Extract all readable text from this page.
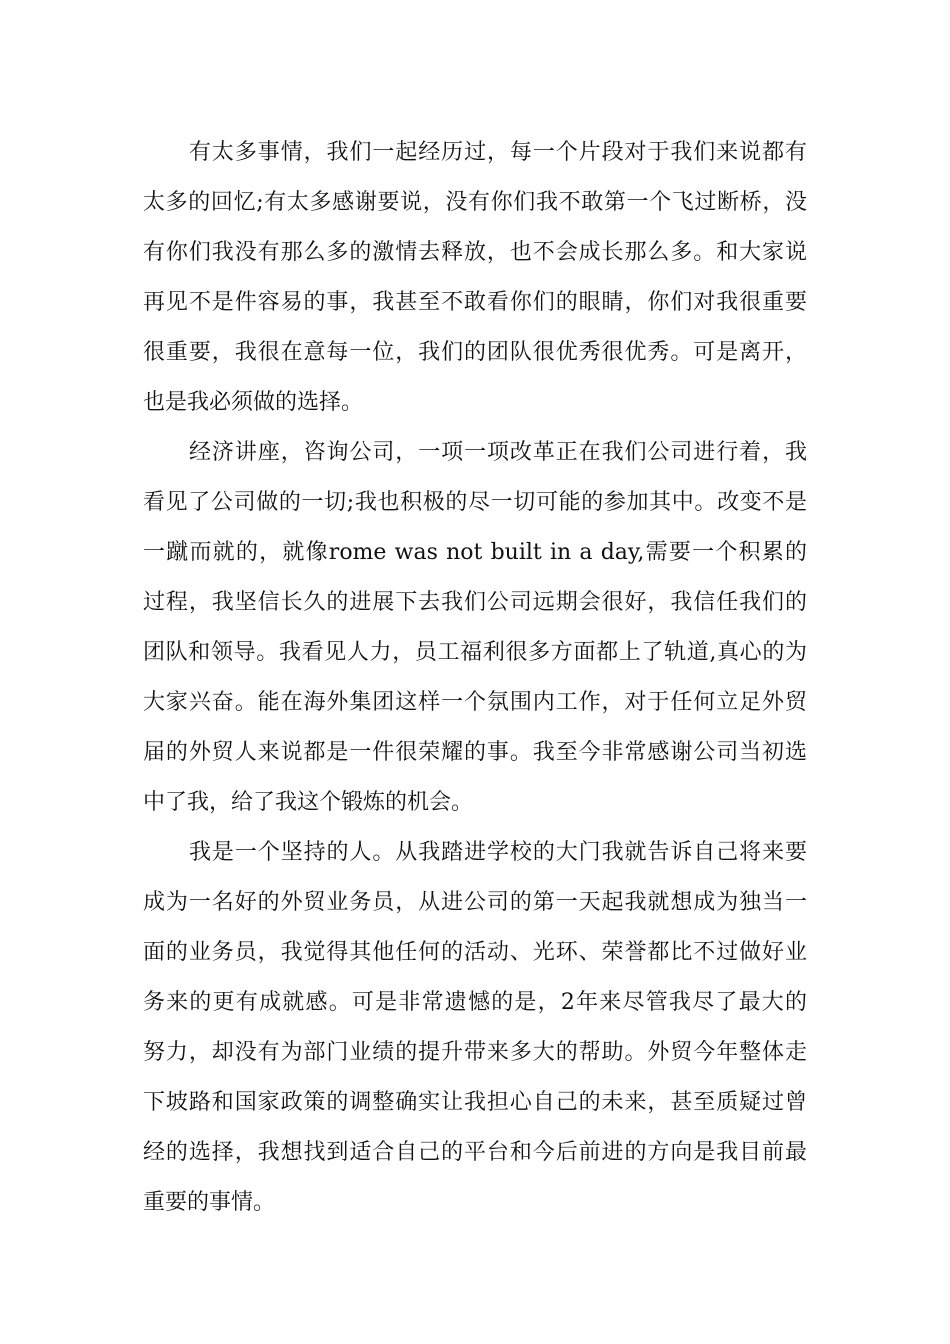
有太多事情，我们一起经历过，每一个片段对于我们来说都有
太多的回忆;有太多感谢要说，没有你们我不敢第一个飞过断桥，没
有你们我没有那么多的激情去释放，也不会成长那么多。和大家说
再见不是件容易的事，我甚至不敢看你们的眼睛，你们对我很重要
很重要，我很在意每一位，我们的团队很优秀很优秀。可是离开，
也是我必须做的选择。
经济讲座，咨询公司，一项一项改革正在我们公司进行着，我
看见了公司做的一切;我也积极的尽一切可能的参加其中。改变不是
一蹴而就的，就像rome was not built in a day,需要一个积累的
过程，我坚信长久的进展下去我们公司远期会很好，我信任我们的
团队和领导。我看见人力，员工福利很多方面都上了轨道,真心的为
大家兴奋。能在海外集团这样一个氛围内工作，对于任何立足外贸
届的外贸人来说都是一件很荣耀的事。我至今非常感谢公司当初选
中了我，给了我这个锻炼的机会。
我是一个坚持的人。从我踏进学校的大门我就告诉自己将来要
成为一名好的外贸业务员，从进公司的第一天起我就想成为独当一
面的业务员，我觉得其他任何的活动、光环、荣誉都比不过做好业
务来的更有成就感。可是非常遗憾的是，2年来尽管我尽了最大的
努力，却没有为部门业绩的提升带来多大的帮助。外贸今年整体走
下坡路和国家政策的调整确实让我担心自己的未来，甚至质疑过曾
经的选择，我想找到适合自己的平台和今后前进的方向是我目前最
重要的事情。
